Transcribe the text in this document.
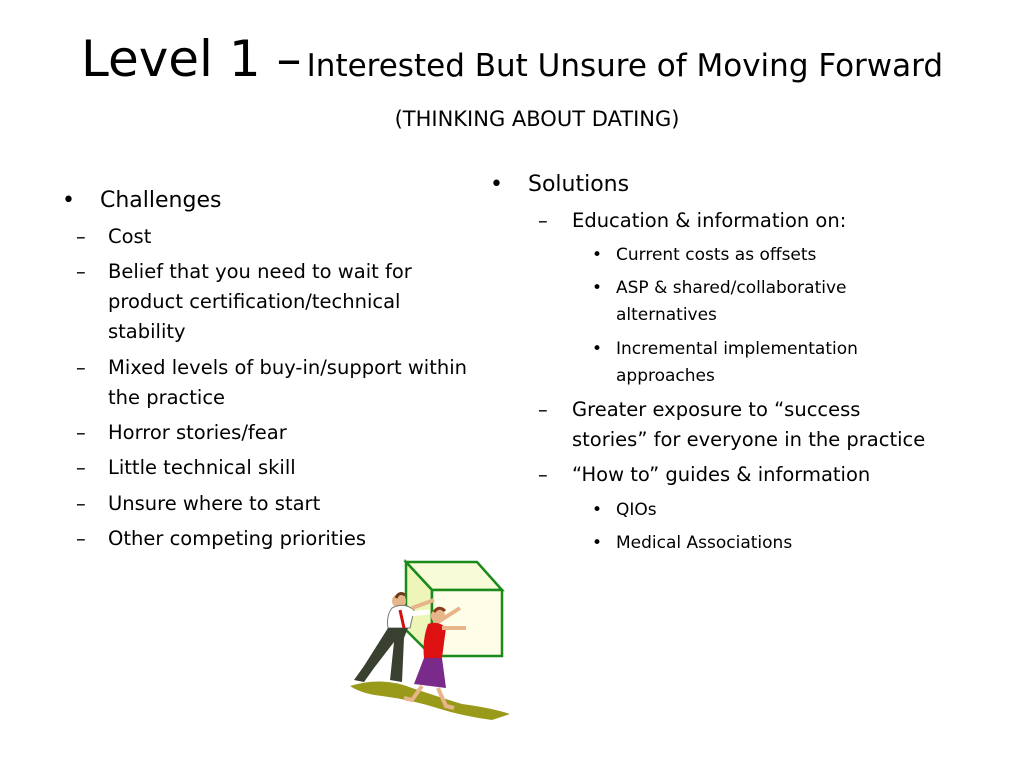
Level 1 – Interested But Unsure of Moving Forward
(THINKING ABOUT DATING)
• Challenges
– Cost
– Belief that you need to wait for product certification/technical stability
– Mixed levels of buy-in/support within the practice
– Horror stories/fear
– Little technical skill
– Unsure where to start
– Other competing priorities
• Solutions
– Education & information on:
• Current costs as offsets
• ASP & shared/collaborative alternatives
• Incremental implementation approaches
– Greater exposure to “success stories” for everyone in the practice
– “How to” guides & information
• QIOs
• Medical Associations
